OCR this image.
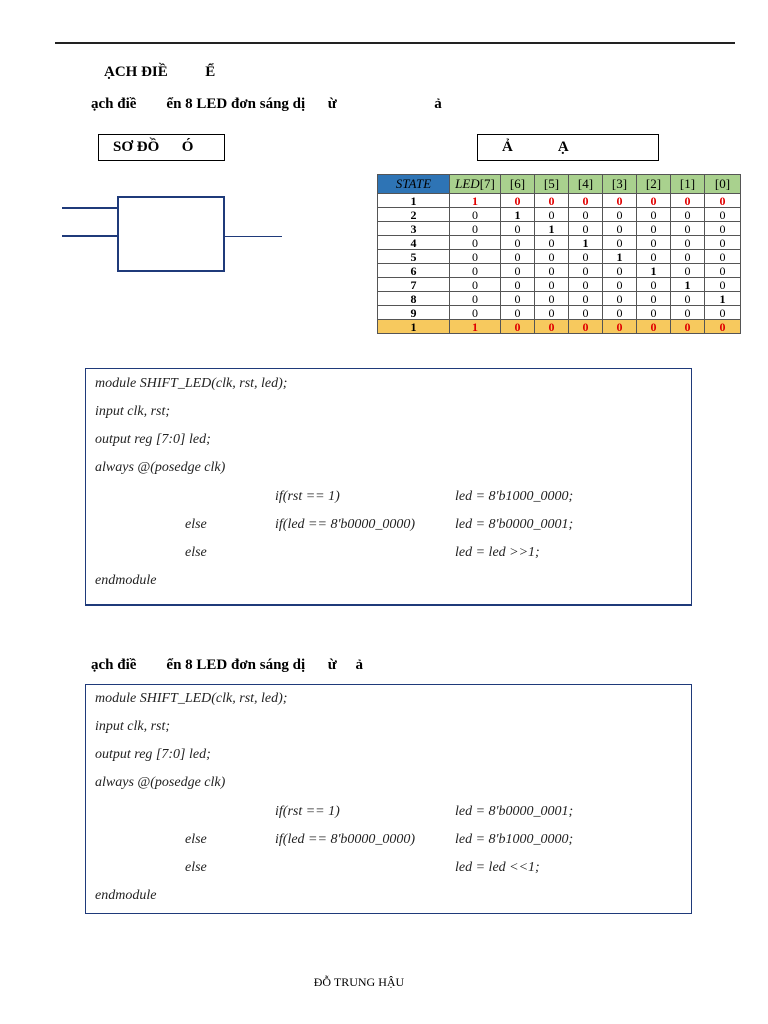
ẠCH ĐIỀ          Ể
ạch điề        ển 8 LED đơn sáng dị      ừ                          ả
SƠ ĐỒ      Ó	Ả            Ạ
STATE	LED[7]	[6]	[5]	[4]	[3]	[2]	[1]	[0]
1	1	0	0	0	0	0	0	0
2	0	1	0	0	0	0	0	0
3	0	0	1	0	0	0	0	0
4	0	0	0	1	0	0	0	0
5	0	0	0	0	1	0	0	0
6	0	0	0	0	0	1	0	0
7	0	0	0	0	0	0	1	0
8	0	0	0	0	0	0	0	1
9	0	0	0	0	0	0	0	0
1	1	0	0	0	0	0	0	0
module SHIFT_LED(clk, rst, led);
input clk, rst;
output reg [7:0] led;
always @(posedge clk)
if(rst == 1)	led = 8'b1000_0000;
else	if(led == 8'b0000_0000)	led = 8'b0000_0001;
else	led = led >>1;
endmodule
ạch điề        ển 8 LED đơn sáng dị      ừ     ả
module SHIFT_LED(clk, rst, led);
input clk, rst;
output reg [7:0] led;
always @(posedge clk)
if(rst == 1)	led = 8'b0000_0001;
else	if(led == 8'b0000_0000)	led = 8'b1000_0000;
else	led = led <<1;
endmodule
ĐỖ TRUNG HẬU
